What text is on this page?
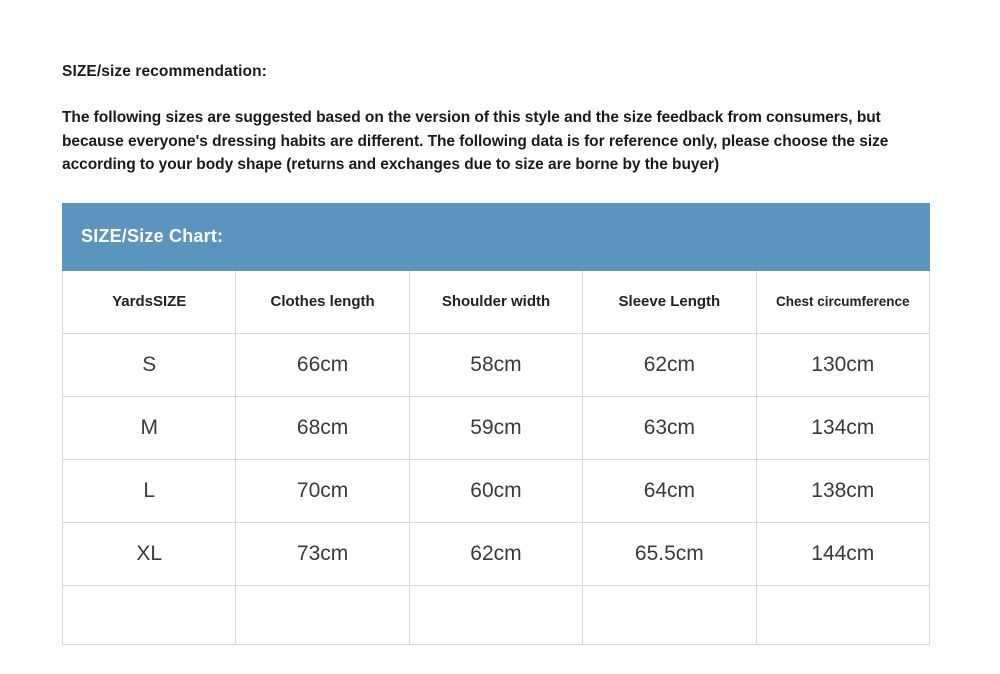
SIZE/size recommendation:
The following sizes are suggested based on the version of this style and the size feedback from consumers, but because everyone's dressing habits are different. The following data is for reference only, please choose the size according to your body shape (returns and exchanges due to size are borne by the buyer)
SIZE/Size Chart:				
YardsSIZE	Clothes length	Shoulder width	Sleeve Length	Chest circumference
S	66cm	58cm	62cm	130cm
M	68cm	59cm	63cm	134cm
L	70cm	60cm	64cm	138cm
XL	73cm	62cm	65.5cm	144cm
